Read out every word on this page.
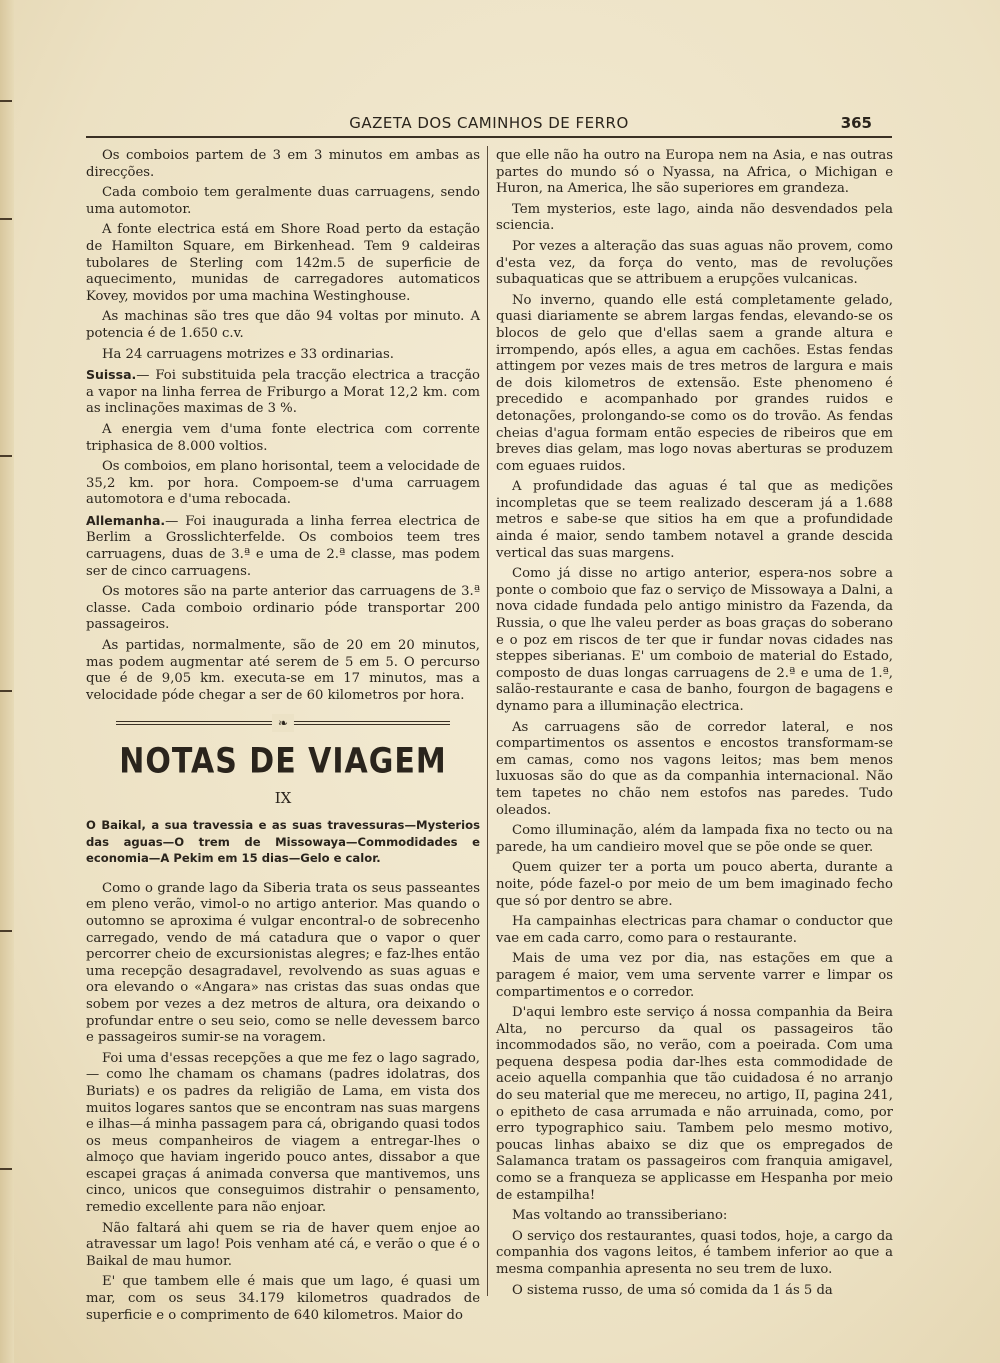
GAZETA DOS CAMINHOS DE FERRO	365

Os comboios partem de 3 em 3 minutos em ambas as direcções.

Cada comboio tem geralmente duas carruagens, sendo uma automotor.

A fonte electrica está em Shore Road perto da estação de Hamilton Square, em Birkenhead. Tem 9 caldeiras tubolares de Sterling com 142m.5 de superficie de aquecimento, munidas de carregadores automaticos Kovey, movidos por uma machina Westinghouse.

As machinas são tres que dão 94 voltas por minuto. A potencia é de 1.650 c.v.

Ha 24 carruagens motrizes e 33 ordinarias.

Suissa.— Foi substituida pela tracção electrica a tracção a vapor na linha ferrea de Friburgo a Morat 12,2 km. com as inclinações maximas de 3 %.

A energia vem d'uma fonte electrica com corrente triphasica de 8.000 voltios.

Os comboios, em plano horisontal, teem a velocidade de 35,2 km. por hora. Compoem-se d'uma carruagem automotora e d'uma rebocada.

Allemanha.— Foi inaugurada a linha ferrea electrica de Berlim a Grosslichterfelde. Os comboios teem tres carruagens, duas de 3.ª e uma de 2.ª classe, mas podem ser de cinco carruagens.

Os motores são na parte anterior das carruagens de 3.ª classe. Cada comboio ordinario póde transportar 200 passageiros.

As partidas, normalmente, são de 20 em 20 minutos, mas podem augmentar até serem de 5 em 5. O percurso que é de 9,05 km. executa-se em 17 minutos, mas a velocidade póde chegar a ser de 60 kilometros por hora.

❧
NOTAS DE VIAGEM
IX
O Baikal, a sua travessia e as suas travessuras—Mysterios das aguas—O trem de Missowaya—Commodidades e economia—A Pekim em 15 dias—Gelo e calor.

Como o grande lago da Siberia trata os seus passeantes em pleno verão, vimol-o no artigo anterior. Mas quando o outomno se aproxima é vulgar encontral-o de sobrecenho carregado, vendo de má catadura que o vapor o quer percorrer cheio de excursionistas alegres; e faz-lhes então uma recepção desagradavel, revolvendo as suas aguas e ora elevando o «Angara» nas cristas das suas ondas que sobem por vezes a dez metros de altura, ora deixando o profundar entre o seu seio, como se nelle devessem barco e passageiros sumir-se na voragem.

Foi uma d'essas recepções a que me fez o lago sagrado, — como lhe chamam os chamans (padres idolatras, dos Buriats) e os padres da religião de Lama, em vista dos muitos logares santos que se encontram nas suas margens e ilhas—á minha passagem para cá, obrigando quasi todos os meus companheiros de viagem a entregar-lhes o almoço que haviam ingerido pouco antes, dissabor a que escapei graças á animada conversa que mantivemos, uns cinco, unicos que conseguimos distrahir o pensamento, remedio excellente para não enjoar.

Não faltará ahi quem se ria de haver quem enjoe ao atravessar um lago! Pois venham até cá, e verão o que é o Baikal de mau humor.

E' que tambem elle é mais que um lago, é quasi um mar, com os seus 34.179 kilometros quadrados de superficie e o comprimento de 640 kilometros. Maior do

que elle não ha outro na Europa nem na Asia, e nas outras partes do mundo só o Nyassa, na Africa, o Michigan e Huron, na America, lhe são superiores em grandeza.

Tem mysterios, este lago, ainda não desvendados pela sciencia.

Por vezes a alteração das suas aguas não provem, como d'esta vez, da força do vento, mas de revoluções subaquaticas que se attribuem a erupções vulcanicas.

No inverno, quando elle está completamente gelado, quasi diariamente se abrem largas fendas, elevando-se os blocos de gelo que d'ellas saem a grande altura e irrompendo, após elles, a agua em cachões. Estas fendas attingem por vezes mais de tres metros de largura e mais de dois kilometros de extensão. Este phenomeno é precedido e acompanhado por grandes ruidos e detonações, prolongando-se como os do trovão. As fendas cheias d'agua formam então especies de ribeiros que em breves dias gelam, mas logo novas aberturas se produzem com eguaes ruidos.

A profundidade das aguas é tal que as medições incompletas que se teem realizado desceram já a 1.688 metros e sabe-se que sitios ha em que a profundidade ainda é maior, sendo tambem notavel a grande descida vertical das suas margens.

Como já disse no artigo anterior, espera-nos sobre a ponte o comboio que faz o serviço de Missowaya a Dalni, a nova cidade fundada pelo antigo ministro da Fazenda, da Russia, o que lhe valeu perder as boas graças do soberano e o poz em riscos de ter que ir fundar novas cidades nas steppes siberianas. E' um comboio de material do Estado, composto de duas longas carruagens de 2.ª e uma de 1.ª, salão-restaurante e casa de banho, fourgon de bagagens e dynamo para a illuminação electrica.

As carruagens são de corredor lateral, e nos compartimentos os assentos e encostos transformam-se em camas, como nos vagons leitos; mas bem menos luxuosas são do que as da companhia internacional. Não tem tapetes no chão nem estofos nas paredes. Tudo oleados.

Como illuminação, além da lampada fixa no tecto ou na parede, ha um candieiro movel que se põe onde se quer.

Quem quizer ter a porta um pouco aberta, durante a noite, póde fazel-o por meio de um bem imaginado fecho que só por dentro se abre.

Ha campainhas electricas para chamar o conductor que vae em cada carro, como para o restaurante.

Mais de uma vez por dia, nas estações em que a paragem é maior, vem uma servente varrer e limpar os compartimentos e o corredor.

D'aqui lembro este serviço á nossa companhia da Beira Alta, no percurso da qual os passageiros tão incommodados são, no verão, com a poeirada. Com uma pequena despesa podia dar-lhes esta commodidade de aceio aquella companhia que tão cuidadosa é no arranjo do seu material que me mereceu, no artigo, II, pagina 241, o epitheto de casa arrumada e não arruinada, como, por erro typographico saiu. Tambem pelo mesmo motivo, poucas linhas abaixo se diz que os empregados de Salamanca tratam os passageiros com franquia amigavel, como se a franqueza se applicasse em Hespanha por meio de estampilha!

Mas voltando ao transsiberiano:

O serviço dos restaurantes, quasi todos, hoje, a cargo da companhia dos vagons leitos, é tambem inferior ao que a mesma companhia apresenta no seu trem de luxo.

O sistema russo, de uma só comida da 1 ás 5 da
